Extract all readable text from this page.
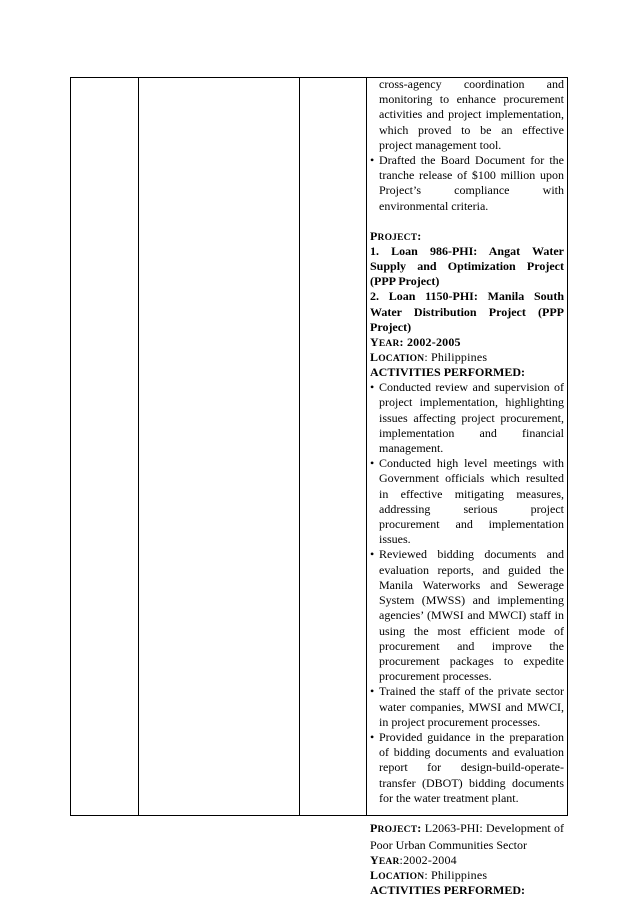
cross-agency coordination and monitoring to enhance procurement activities and project implementation, which proved to be an effective project management tool.

• Drafted the Board Document for the tranche release of $100 million upon Project’s compliance with environmental criteria.
PROJECT:

1. Loan 986-PHI: Angat Water Supply and Optimization Project (PPP Project)

2. Loan 1150-PHI: Manila South Water Distribution Project (PPP Project)

YEAR: 2002-2005
LOCATION: Philippines

ACTIVITIES PERFORMED:

• Conducted review and supervision of project implementation, highlighting issues affecting project procurement, implementation and financial management.
• Conducted high level meetings with Government officials which resulted in effective mitigating measures, addressing serious project procurement and implementation issues.
• Reviewed bidding documents and evaluation reports, and guided the Manila Waterworks and Sewerage System (MWSS) and implementing agencies’ (MWSI and MWCI) staff in using the most efficient mode of procurement and improve the procurement packages to expedite procurement processes.
• Trained the staff of the private sector water companies, MWSI and MWCI, in project procurement processes.
• Provided guidance in the preparation of bidding documents and evaluation report for design-build-operate-transfer (DBOT) bidding documents for the water treatment plant.

PROJECT: L2063-PHI: Development of Poor Urban Communities Sector

YEAR:2002-2004
LOCATION: Philippines

ACTIVITIES PERFORMED:
